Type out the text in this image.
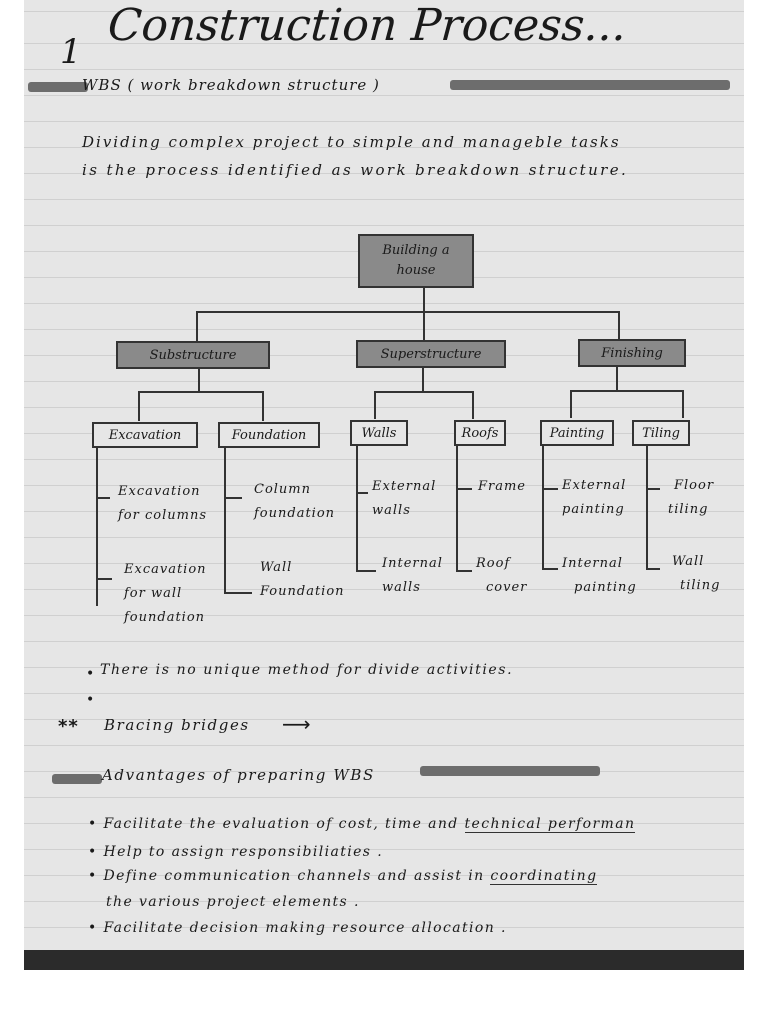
1
Construction Process...
WBS ( work breakdown structure )
Dividing complex project to simple and manageble tasks
is the process identified as work breakdown structure.
Building a
house
Substructure	Superstructure	Finishing
Excavation	Foundation	Walls	Roofs	Painting	Tiling
Excavation
for columns
Excavation
for wall
foundation
Column
foundation
Wall
Foundation
External
walls
Internal
walls
Frame
Roof
cover
External
painting
Internal
painting
Floor
tiling
Wall
tiling
• There is no unique method for divide activities.
•
** Bracing bridges ⟶
Advantages of preparing WBS
• Facilitate the evaluation of cost, time and technical performan
• Help to assign responsibiliaties .
• Define communication channels and assist in coordinating
the various project elements .
• Facilitate decision making resource allocation .
